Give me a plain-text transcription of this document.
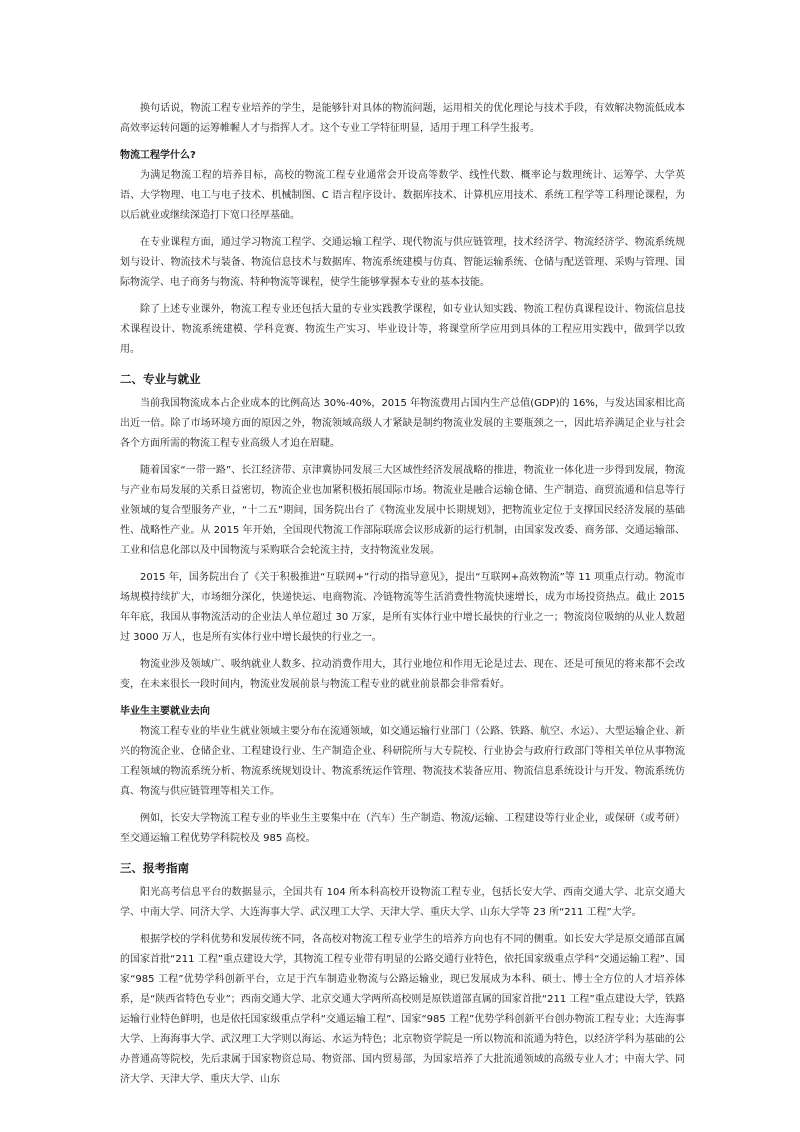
换句话说，物流工程专业培养的学生，是能够针对具体的物流问题，运用相关的优化理论与技术手段，有效解决物流低成本高效率运转问题的运筹帷幄人才与指挥人才。这个专业工学特征明显，适用于理工科学生报考。

物流工程学什么?

为满足物流工程的培养目标，高校的物流工程专业通常会开设高等数学、线性代数、概率论与数理统计、运筹学、大学英语、大学物理、电工与电子技术、机械制图、C 语言程序设计、数据库技术、计算机应用技术、系统工程学等工科理论课程，为以后就业或继续深造打下宽口径厚基础。

在专业课程方面，通过学习物流工程学、交通运输工程学、现代物流与供应链管理，技术经济学、物流经济学、物流系统规划与设计、物流技术与装备、物流信息技术与数据库、物流系统建模与仿真、智能运输系统、仓储与配送管理、采购与管理、国际物流学、电子商务与物流、特种物流等课程，使学生能够掌握本专业的基本技能。

除了上述专业课外，物流工程专业还包括大量的专业实践教学课程，如专业认知实践、物流工程仿真课程设计、物流信息技术课程设计、物流系统建模、学科竞赛、物流生产实习、毕业设计等，将课堂所学应用到具体的工程应用实践中，做到学以致用。

二、专业与就业

当前我国物流成本占企业成本的比例高达 30%-40%，2015 年物流费用占国内生产总值(GDP)的 16%，与发达国家相比高出近一倍。除了市场环境方面的原因之外，物流领域高级人才紧缺是制约物流业发展的主要瓶颈之一，因此培养满足企业与社会各个方面所需的物流工程专业高级人才迫在眉睫。

随着国家“一带一路”、长江经济带、京津冀协同发展三大区域性经济发展战略的推进，物流业一体化进一步得到发展，物流与产业布局发展的关系日益密切，物流企业也加紧积极拓展国际市场。物流业是融合运输仓储、生产制造、商贸流通和信息等行业领域的复合型服务产业，“十二五”期间，国务院出台了《物流业发展中长期规划》，把物流业定位于支撑国民经济发展的基础性、战略性产业。从 2015 年开始，全国现代物流工作部际联席会议形成新的运行机制，由国家发改委、商务部、交通运输部、工业和信息化部以及中国物流与采购联合会轮流主持，支持物流业发展。

2015 年，国务院出台了《关于积极推进“互联网+”行动的指导意见》，提出“互联网+高效物流”等 11 项重点行动。物流市场规模持续扩大，市场细分深化，快递快运、电商物流、冷链物流等生活消费性物流快速增长，成为市场投资热点。截止 2015 年年底，我国从事物流活动的企业法人单位超过 30 万家，是所有实体行业中增长最快的行业之一；物流岗位吸纳的从业人数超过 3000 万人，也是所有实体行业中增长最快的行业之一。

物流业涉及领域广、吸纳就业人数多、拉动消费作用大，其行业地位和作用无论是过去、现在、还是可预见的将来都不会改变，在未来很长一段时间内，物流业发展前景与物流工程专业的就业前景都会非常看好。

毕业生主要就业去向

物流工程专业的毕业生就业领域主要分布在流通领域，如交通运输行业部门（公路、铁路、航空、水运）、大型运输企业、新兴的物流企业、仓储企业、工程建设行业、生产制造企业、科研院所与大专院校、行业协会与政府行政部门等相关单位从事物流工程领域的物流系统分析、物流系统规划设计、物流系统运作管理、物流技术装备应用、物流信息系统设计与开发、物流系统仿真、物流与供应链管理等相关工作。

例如，长安大学物流工程专业的毕业生主要集中在（汽车）生产制造、物流/运输、工程建设等行业企业，或保研（或考研）至交通运输工程优势学科院校及 985 高校。

三、报考指南

阳光高考信息平台的数据显示，全国共有 104 所本科高校开设物流工程专业，包括长安大学、西南交通大学、北京交通大学、中南大学、同济大学、大连海事大学、武汉理工大学、天津大学、重庆大学、山东大学等 23 所“211 工程”大学。

根据学校的学科优势和发展传统不同，各高校对物流工程专业学生的培养方向也有不同的侧重。如长安大学是原交通部直属的国家首批“211 工程”重点建设大学，其物流工程专业带有明显的公路交通行业特色，依托国家级重点学科“交通运输工程”、国家“985 工程”优势学科创新平台，立足于汽车制造业物流与公路运输业，现已发展成为本科、硕士、博士全方位的人才培养体系，是“陕西省特色专业”；西南交通大学、北京交通大学两所高校则是原铁道部直属的国家首批“211 工程”重点建设大学，铁路运输行业特色鲜明，也是依托国家级重点学科“交通运输工程”、国家“985 工程”优势学科创新平台创办物流工程专业；大连海事大学、上海海事大学、武汉理工大学则以海运、水运为特色；北京物资学院是一所以物流和流通为特色，以经济学科为基础的公办普通高等院校，先后隶属于国家物资总局、物资部、国内贸易部，为国家培养了大批流通领域的高级专业人才；中南大学、同济大学、天津大学、重庆大学、山东
